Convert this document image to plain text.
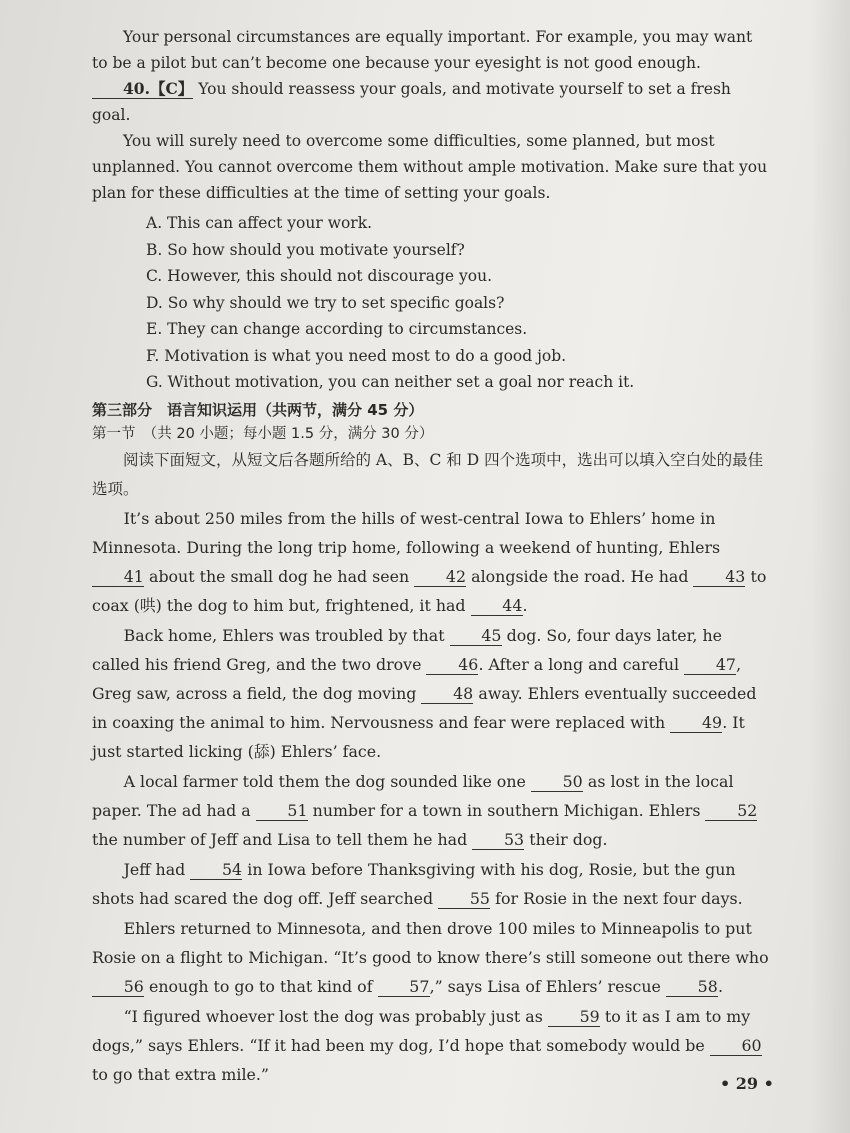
Your personal circumstances are equally important. For example, you may want to be a pilot but can’t become one because your eyesight is not good enough. 40.【C】 You should reassess your goals, and motivate yourself to set a fresh goal.

You will surely need to overcome some difficulties, some planned, but most unplanned. You cannot overcome them without ample motivation. Make sure that you plan for these difficulties at the time of setting your goals.

A. This can affect your work.
B. So how should you motivate yourself?
C. However, this should not discourage you.
D. So why should we try to set specific goals?
E. They can change according to circumstances.
F. Motivation is what you need most to do a good job.
G. Without motivation, you can neither set a goal nor reach it.
第三部分　语言知识运用（共两节，满分 45 分）
第一节　（共 20 小题；每小题 1.5 分，满分 30 分）

阅读下面短文，从短文后各题所给的 A、B、C 和 D 四个选项中，选出可以填入空白处的最佳选项。

It’s about 250 miles from the hills of west-central Iowa to Ehlers’ home in Minnesota. During the long trip home, following a weekend of hunting, Ehlers 41 about the small dog he had seen 42 alongside the road. He had 43 to coax (哄) the dog to him but, frightened, it had 44.

Back home, Ehlers was troubled by that 45 dog. So, four days later, he called his friend Greg, and the two drove 46. After a long and careful 47, Greg saw, across a field, the dog moving 48 away. Ehlers eventually succeeded in coaxing the animal to him. Nervousness and fear were replaced with 49. It just started licking (舔) Ehlers’ face.

A local farmer told them the dog sounded like one 50 as lost in the local paper. The ad had a 51 number for a town in southern Michigan. Ehlers 52 the number of Jeff and Lisa to tell them he had 53 their dog.

Jeff had 54 in Iowa before Thanksgiving with his dog, Rosie, but the gun shots had scared the dog off. Jeff searched 55 for Rosie in the next four days.

Ehlers returned to Minnesota, and then drove 100 miles to Minneapolis to put Rosie on a flight to Michigan. “It’s good to know there’s still someone out there who 56 enough to go to that kind of 57,” says Lisa of Ehlers’ rescue 58.

“I figured whoever lost the dog was probably just as 59 to it as I am to my dogs,” says Ehlers. “If it had been my dog, I’d hope that somebody would be 60 to go that extra mile.”	• 29 •
